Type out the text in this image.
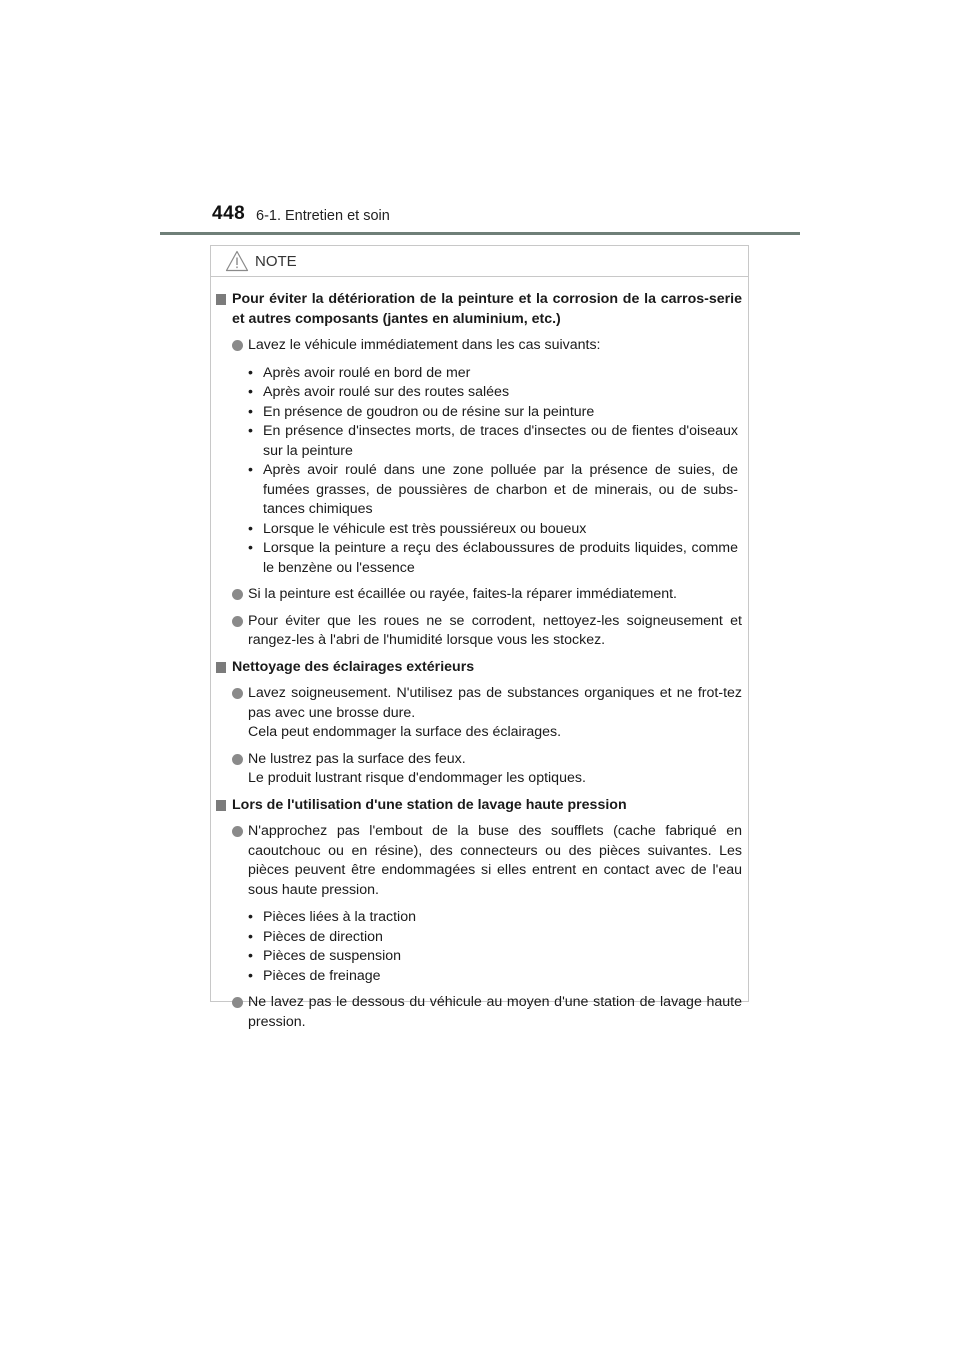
448 6-1. Entretien et soin
NOTE
Pour éviter la détérioration de la peinture et la corrosion de la carros-serie et autres composants (jantes en aluminium, etc.)

Lavez le véhicule immédiatement dans les cas suivants:

• Après avoir roulé en bord de mer
• Après avoir roulé sur des routes salées
• En présence de goudron ou de résine sur la peinture
• En présence d'insectes morts, de traces d'insectes ou de fientes d'oiseaux sur la peinture
• Après avoir roulé dans une zone polluée par la présence de suies, de fumées grasses, de poussières de charbon et de minerais, ou de subs-tances chimiques
• Lorsque le véhicule est très poussiéreux ou boueux
• Lorsque la peinture a reçu des éclaboussures de produits liquides, comme le benzène ou l'essence

Si la peinture est écaillée ou rayée, faites-la réparer immédiatement.

Pour éviter que les roues ne se corrodent, nettoyez-les soigneusement et rangez-les à l'abri de l'humidité lorsque vous les stockez.

Nettoyage des éclairages extérieurs

Lavez soigneusement. N'utilisez pas de substances organiques et ne frot-tez pas avec une brosse dure.

Cela peut endommager la surface des éclairages.

Ne lustrez pas la surface des feux.

Le produit lustrant risque d'endommager les optiques.

Lors de l'utilisation d'une station de lavage haute pression

N'approchez pas l'embout de la buse des soufflets (cache fabriqué en caoutchouc ou en résine), des connecteurs ou des pièces suivantes. Les pièces peuvent être endommagées si elles entrent en contact avec de l'eau sous haute pression.

• Pièces liées à la traction
• Pièces de direction
• Pièces de suspension
• Pièces de freinage

Ne lavez pas le dessous du véhicule au moyen d'une station de lavage haute pression.
